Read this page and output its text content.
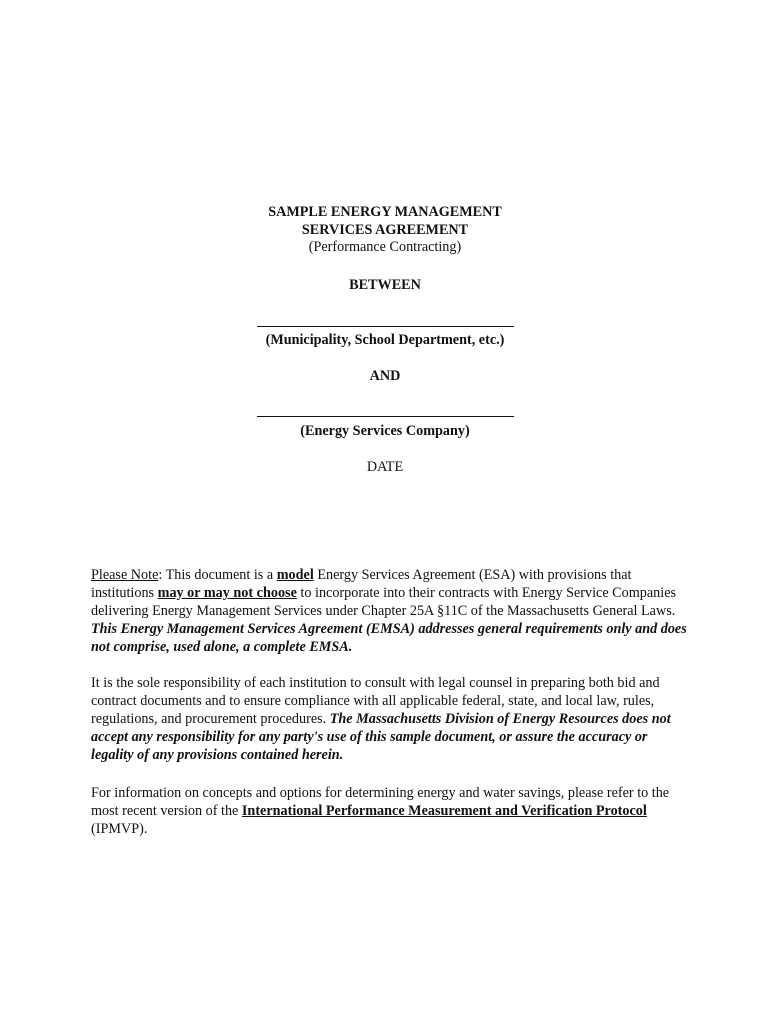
SAMPLE ENERGY MANAGEMENT
SERVICES AGREEMENT
(Performance Contracting)
BETWEEN
(Municipality, School Department, etc.)
AND
(Energy Services Company)
DATE
Please Note: This document is a model Energy Services Agreement (ESA) with provisions that institutions may or may not choose to incorporate into their contracts with Energy Service Companies delivering Energy Management Services under Chapter 25A §11C of the Massachusetts General Laws. This Energy Management Services Agreement (EMSA) addresses general requirements only and does not comprise, used alone, a complete EMSA.
It is the sole responsibility of each institution to consult with legal counsel in preparing both bid and contract documents and to ensure compliance with all applicable federal, state, and local law, rules, regulations, and procurement procedures. The Massachusetts Division of Energy Resources does not accept any responsibility for any party's use of this sample document, or assure the accuracy or legality of any provisions contained herein.
For information on concepts and options for determining energy and water savings, please refer to the most recent version of the International Performance Measurement and Verification Protocol (IPMVP).
